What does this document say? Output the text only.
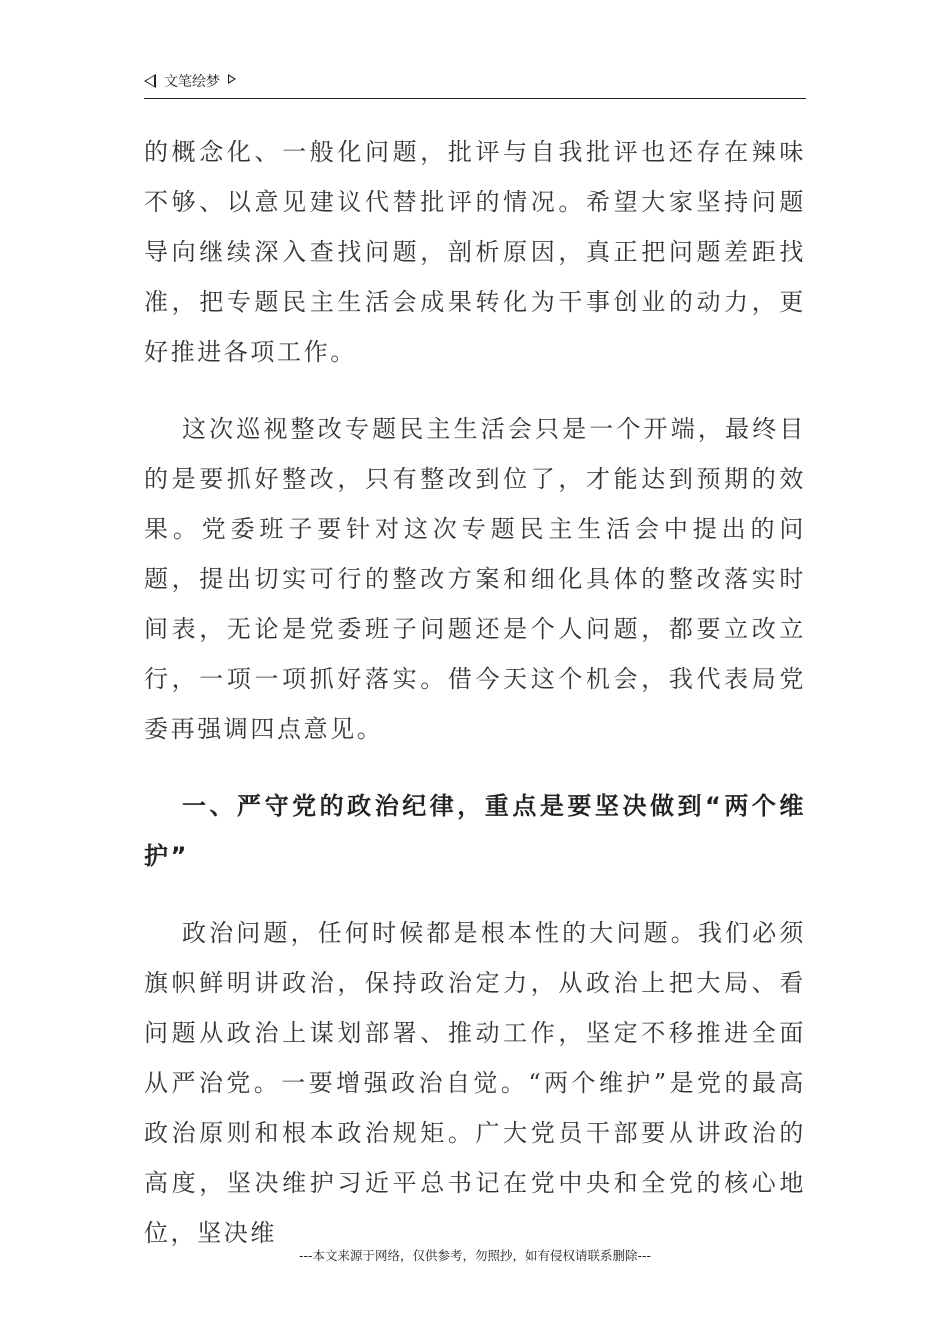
文笔绘梦

的概念化、一般化问题，批评与自我批评也还存在辣味不够、以意见建议代替批评的情况。希望大家坚持问题导向继续深入查找问题，剖析原因，真正把问题差距找准，把专题民主生活会成果转化为干事创业的动力，更好推进各项工作。

这次巡视整改专题民主生活会只是一个开端，最终目的是要抓好整改，只有整改到位了，才能达到预期的效果。党委班子要针对这次专题民主生活会中提出的问题，提出切实可行的整改方案和细化具体的整改落实时间表，无论是党委班子问题还是个人问题，都要立改立行，一项一项抓好落实。借今天这个机会，我代表局党委再强调四点意见。

一、严守党的政治纪律，重点是要坚决做到“两个维护”

政治问题，任何时候都是根本性的大问题。我们必须旗帜鲜明讲政治，保持政治定力，从政治上把大局、看问题从政治上谋划部署、推动工作，坚定不移推进全面从严治党。一要增强政治自觉。“两个维护”是党的最高政治原则和根本政治规矩。广大党员干部要从讲政治的高度，坚决维护习近平总书记在党中央和全党的核心地位，坚决维

---本文来源于网络，仅供参考，勿照抄，如有侵权请联系删除---
